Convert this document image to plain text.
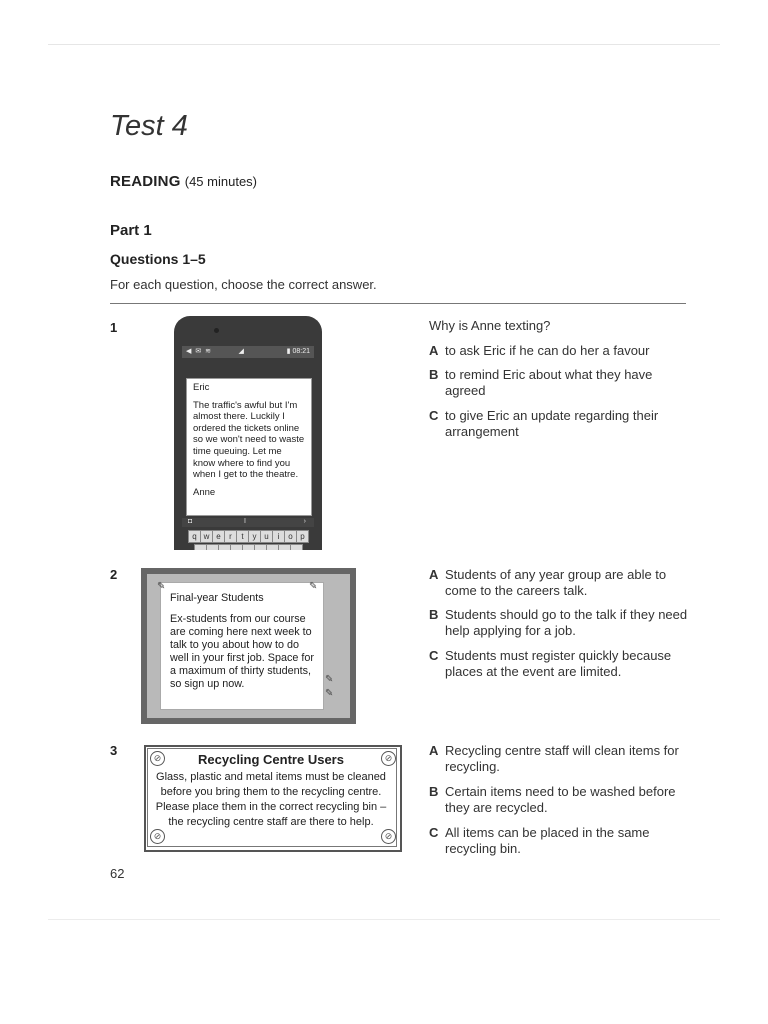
Test 4
READING (45 minutes)
Part 1
Questions 1–5
For each question, choose the correct answer.
1
◀ ✉ ≋         ◢	▮ 08:21
Eric
The traffic's awful but I'm almost there. Luckily I ordered the tickets online so we won't need to waste time queuing. Let me know where to find you when I get to the theatre.
Anne
◘	I	›
q w e	r	t	y u	i	o p
Why is Anne texting?
A to ask Eric if he can do her a favour
B to remind Eric about what they have agreed
C to give Eric an update regarding their arrangement
2
✎	✎
Final-year Students
Ex-students from our course are coming here next week to talk to you about how to do well in your first job. Space for a maximum of thirty students, so sign up now.	✎
✎
A Students of any year group are able to come to the careers talk.
B Students should go to the talk if they need help applying for a job.
C Students must register quickly because places at the event are limited.
3	⊘	⊘
⊘	⊘
Recycling Centre Users
Glass, plastic and metal items must be cleaned before you bring them to the recycling centre. Please place them in the correct recycling bin – the recycling centre staff are there to help.
A Recycling centre staff will clean items for recycling.
B Certain items need to be washed before they are recycled.
C All items can be placed in the same recycling bin.
62
